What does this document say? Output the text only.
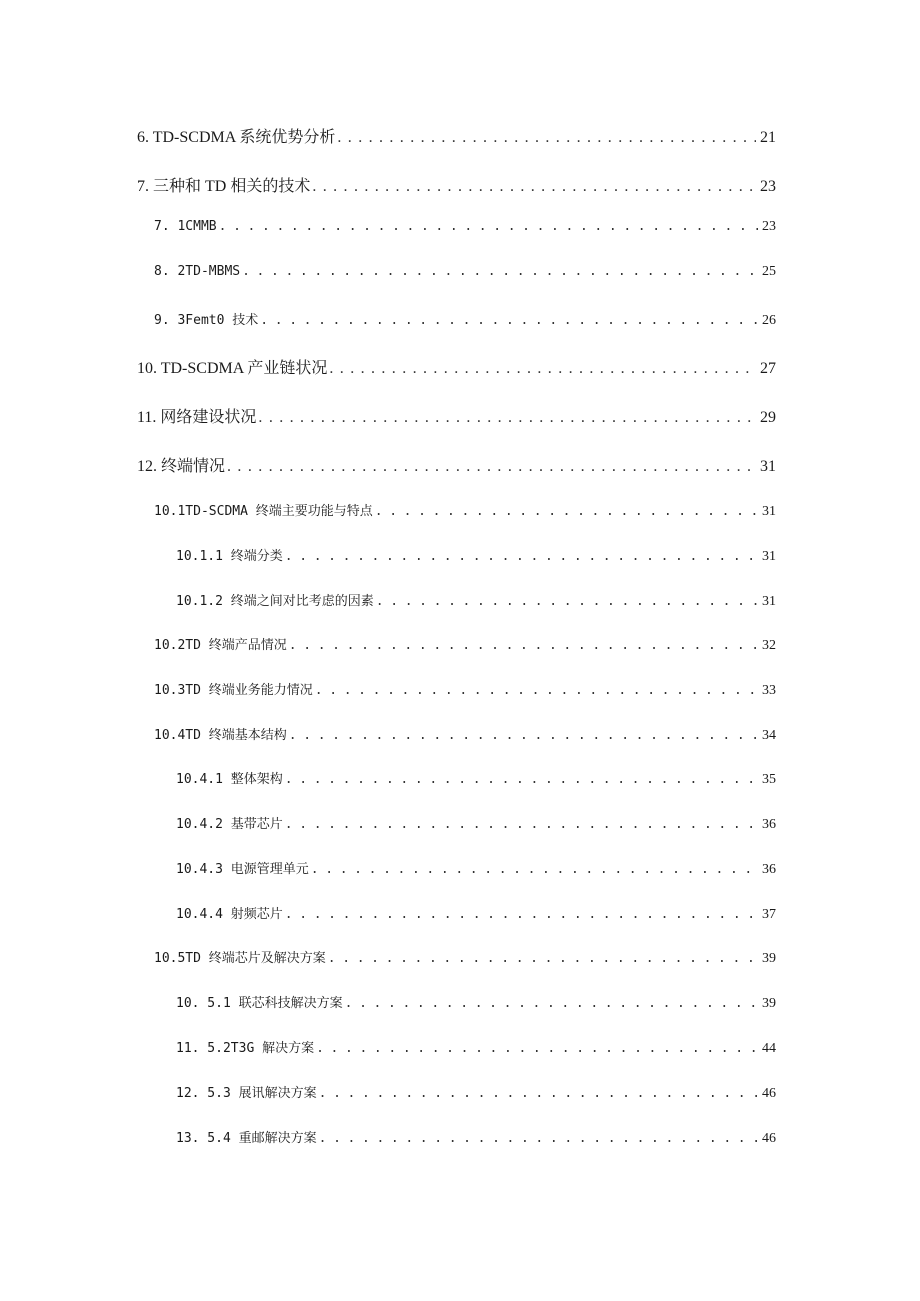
6. TD-SCDMA 系统优势分析 . . .	21
7. 三种和 TD 相关的技术 . . .	23
7. 1CMMB . . .	23
8. 2TD-MBMS . . .	25
9. 3Femt0 技术 . . .	26
10. TD-SCDMA 产业链状况 . . .	27
11. 网络建设状况 . . .	29
12. 终端情况 . . .	31
10.1TD-SCDMA 终端主要功能与特点 . . .	31
10.1.1 终端分类 . . .	31
10.1.2 终端之间对比考虑的因素 . . .	31
10.2TD 终端产品情况 . . .	32
10.3TD 终端业务能力情况 . . .	33
10.4TD 终端基本结构 . . .	34
10.4.1 整体架构 . . .	35
10.4.2 基带芯片 . . .	36
10.4.3 电源管理单元 . . .	36
10.4.4 射频芯片 . . .	37
10.5TD 终端芯片及解决方案 . . .	39
10. 5.1 联芯科技解决方案 . . .	39
11. 5.2T3G 解决方案 . . .	44
12. 5.3 展讯解决方案 . . .	46
13. 5.4 重邮解决方案 . . .	46
